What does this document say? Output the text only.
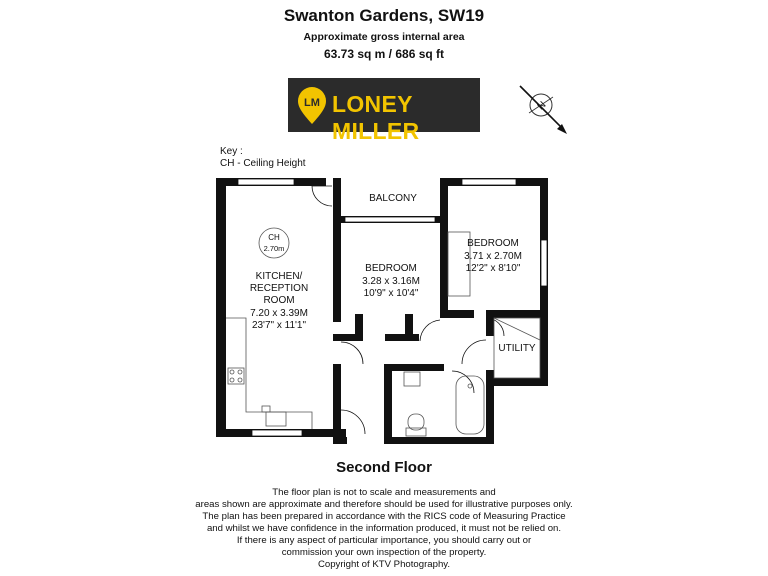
Swanton Gardens, SW19
Approximate gross internal area
63.73 sq m / 686 sq ft
LM LONEY MILLER
N
Key :
CH - Ceiling Height
CH
2.70m
KITCHEN/
RECEPTION
ROOM
7.20 x 3.39M
23'7" x 11'1"
BEDROOM
3.28 x 3.16M
10'9" x 10'4"
BEDROOM
3.71 x 2.70M
12'2" x 8'10"
BALCONY
UTILITY
Second Floor
The floor plan is not to scale and measurements and
areas shown are approximate and therefore should be used for illustrative purposes only.
The plan has been prepared in accordance with the RICS code of Measuring Practice
and whilst we have confidence in the information produced, it must not be relied on.
If there is any aspect of particular importance, you should carry out or
commission your own inspection of the property.
Copyright of KTV Photography.
